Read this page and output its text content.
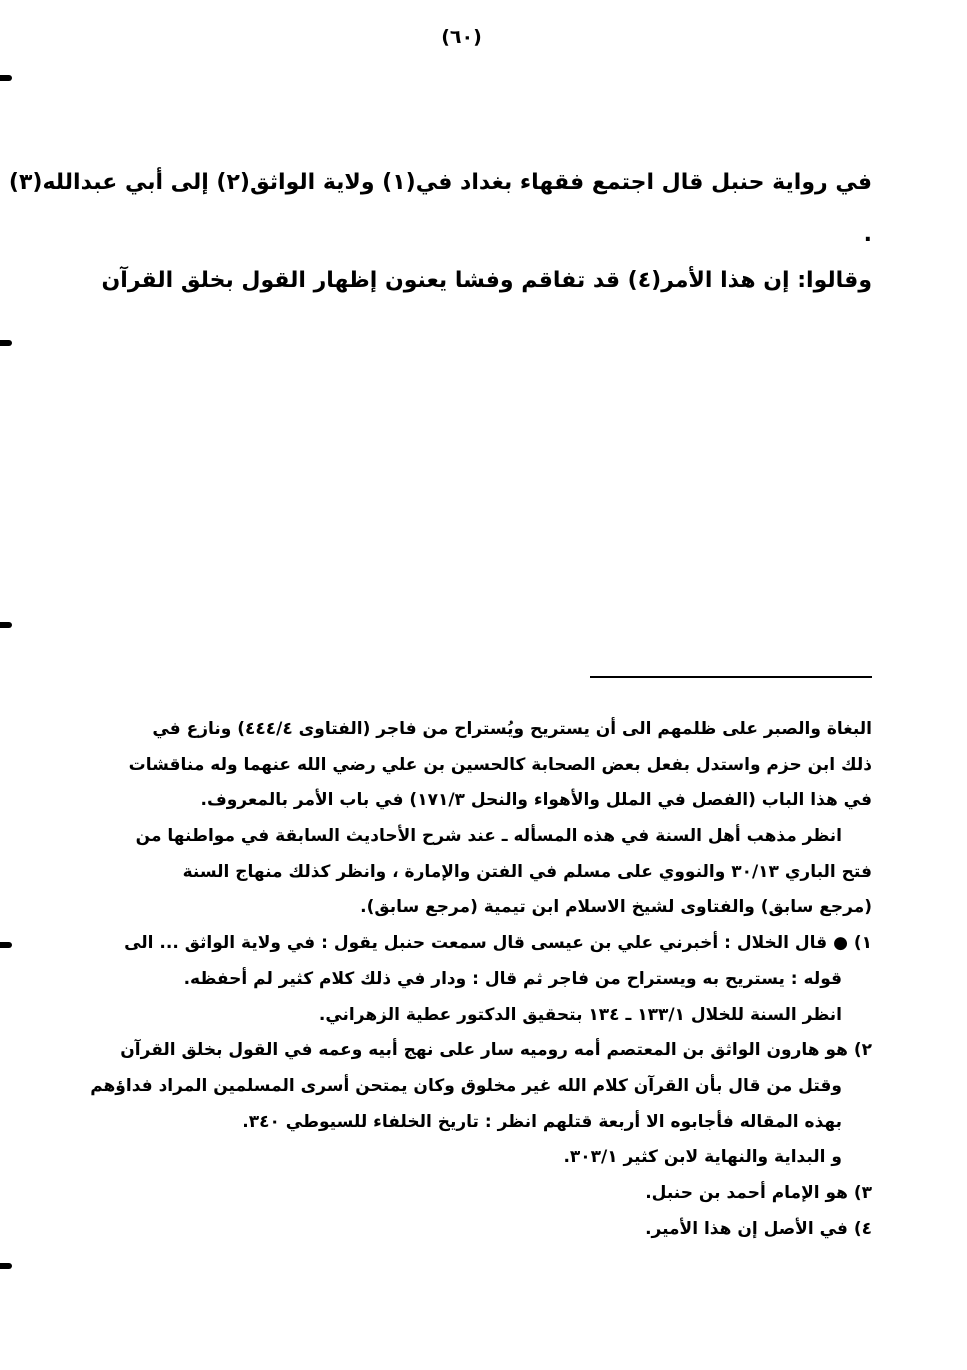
(٦٠)
في رواية حنبل قال اجتمع فقهاء بغداد في(١) ولاية الواثق(٢) إلى أبي عبدالله(٣)
.
وقالوا: إن هذا الأمر(٤) قد تفاقم وفشا يعنون إظهار القول بخلق القرآن
البغاة والصبر على ظلمهم الى أن يستريح ويُستراح من فاجر (الفتاوى ٤٤٤/٤) ونازع في
ذلك ابن حزم واستدل بفعل بعض الصحابة كالحسين بن علي رضي الله عنهما وله مناقشات
في هذا الباب (الفصل في الملل والأهواء والنحل ١٧١/٣) في باب الأمر بالمعروف.
انظر مذهب أهل السنة في هذه المسأله ـ عند شرح الأحاديث السابقة في مواطنها من
فتح الباري ٣٠/١٣ والنووي على مسلم في الفتن والإمارة ، وانظر كذلك منهاج السنة
(مرجع سابق) والفتاوى لشيخ الاسلام ابن تيمية (مرجع سابق).
١) ● قال الخلال : أخبرني علي بن عيسى قال سمعت حنبل يقول : في ولاية الواثق ... الى
قوله : يستريح به ويستراح من فاجر ثم قال : ودار في ذلك كلام كثير لم أحفظه.
انظر السنة للخلال ١٣٣/١ ـ ١٣٤ بتحقيق الدكتور عطية الزهراني.
٢) هو هارون الواثق بن المعتصم أمه روميه سار على نهج أبيه وعمه في القول بخلق القرآن
وقتل من قال بأن القرآن كلام الله غير مخلوق وكان يمتحن أسرى المسلمين المراد فداؤهم
بهذه المقاله فأجابوه الا أربعة قتلهم انظر : تاريخ الخلفاء للسيوطي ٣٤٠.
و البداية والنهاية لابن كثير ٣٠٣/١.
٣) هو الإمام أحمد بن حنبل.
٤) في الأصل إن هذا الأمير.
